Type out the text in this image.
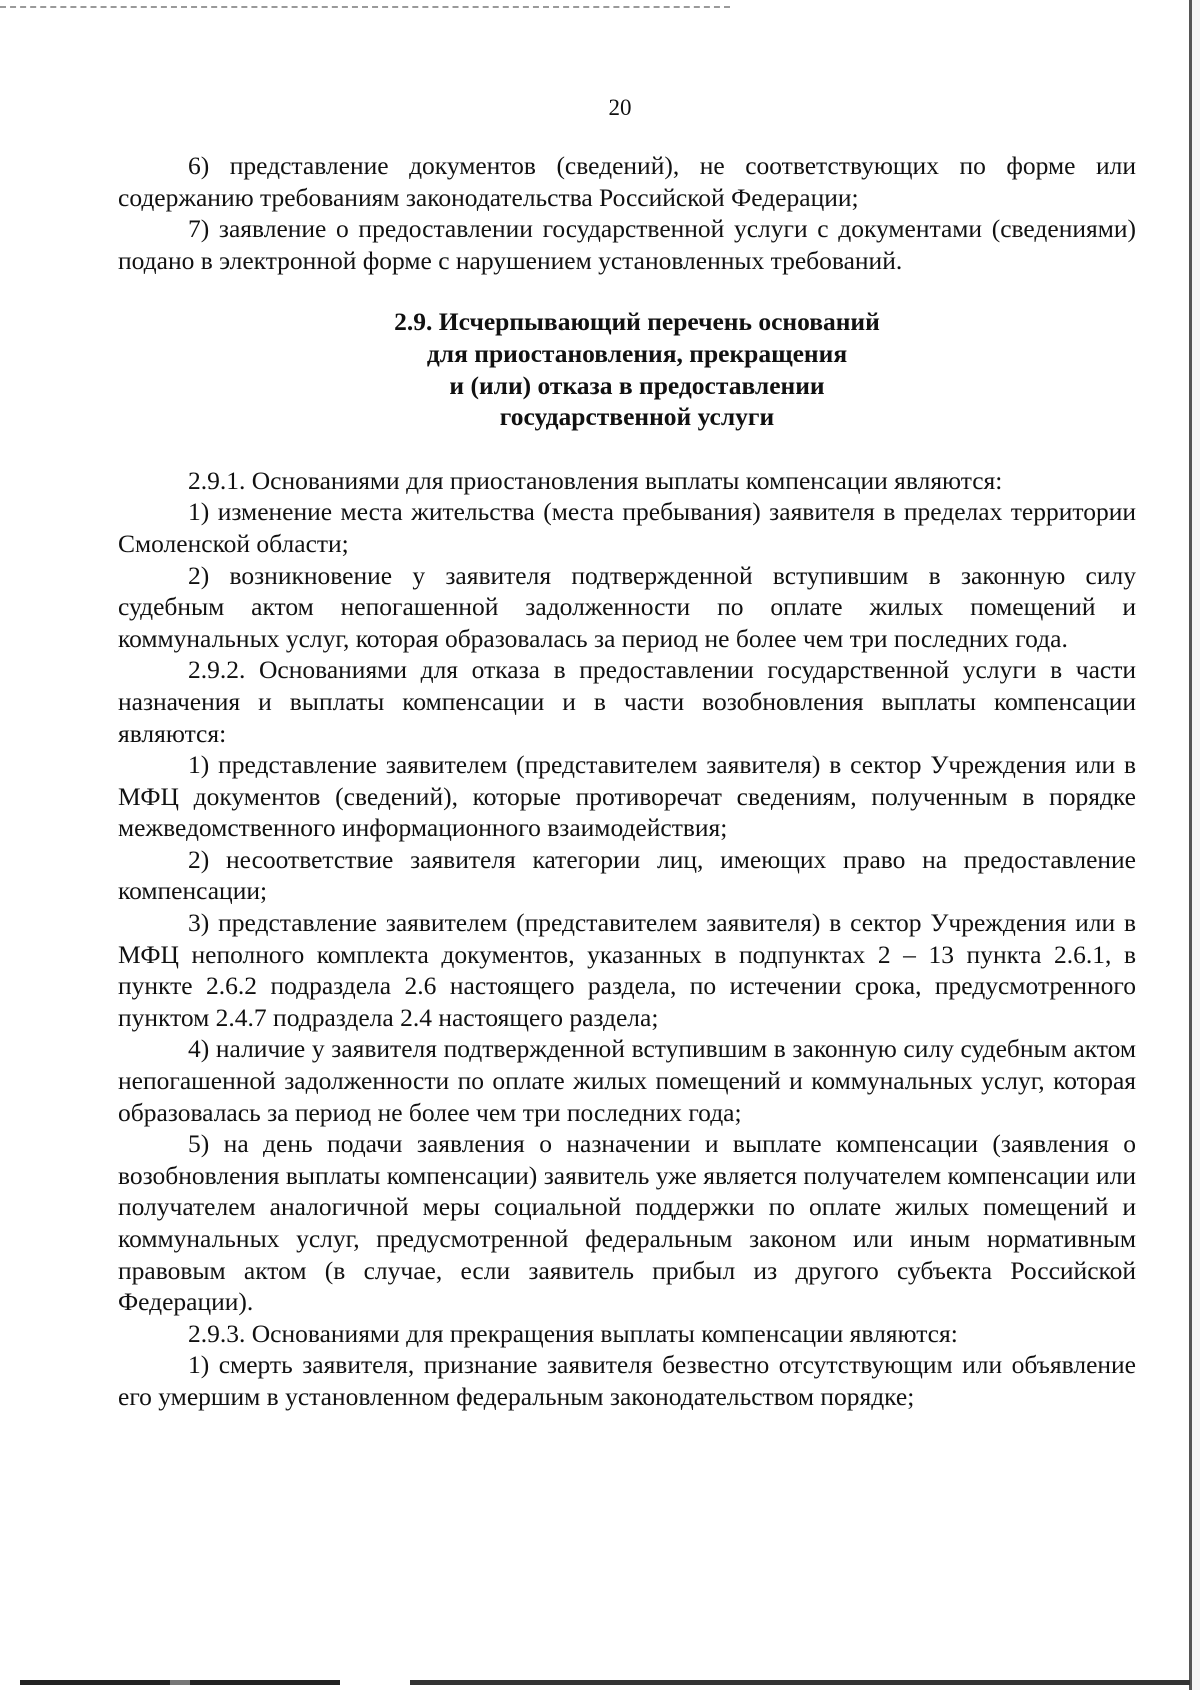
20

6) представление документов (сведений), не соответствующих по форме или содержанию требованиям законодательства Российской Федерации;

7) заявление о предоставлении государственной услуги с документами (сведениями) подано в электронной форме с нарушением установленных требований.

2.9. Исчерпывающий перечень оснований
для приостановления, прекращения
и (или) отказа в предоставлении
государственной услуги

2.9.1. Основаниями для приостановления выплаты компенсации являются:

1) изменение места жительства (места пребывания) заявителя в пределах территории Смоленской области;

2) возникновение у заявителя подтвержденной вступившим в законную силу судебным актом непогашенной задолженности по оплате жилых помещений и коммунальных услуг, которая образовалась за период не более чем три последних года.

2.9.2. Основаниями для отказа в предоставлении государственной услуги в части назначения и выплаты компенсации и в части возобновления выплаты компенсации являются:

1) представление заявителем (представителем заявителя) в сектор Учреждения или в МФЦ документов (сведений), которые противоречат сведениям, полученным в порядке межведомственного информационного взаимодействия;

2) несоответствие заявителя категории лиц, имеющих право на предоставление компенсации;

3) представление заявителем (представителем заявителя) в сектор Учреждения или в МФЦ неполного комплекта документов, указанных в подпунктах 2 – 13 пункта 2.6.1, в пункте 2.6.2 подраздела 2.6 настоящего раздела, по истечении срока, предусмотренного пунктом 2.4.7 подраздела 2.4 настоящего раздела;

4) наличие у заявителя подтвержденной вступившим в законную силу судебным актом непогашенной задолженности по оплате жилых помещений и коммунальных услуг, которая образовалась за период не более чем три последних года;

5) на день подачи заявления о назначении и выплате компенсации (заявления о возобновления выплаты компенсации) заявитель уже является получателем компенсации или получателем аналогичной меры социальной поддержки по оплате жилых помещений и коммунальных услуг, предусмотренной федеральным законом или иным нормативным правовым актом (в случае, если заявитель прибыл из другого субъекта Российской Федерации).

2.9.3. Основаниями для прекращения выплаты компенсации являются:

1) смерть заявителя, признание заявителя безвестно отсутствующим или объявление его умершим в установленном федеральным законодательством порядке;
